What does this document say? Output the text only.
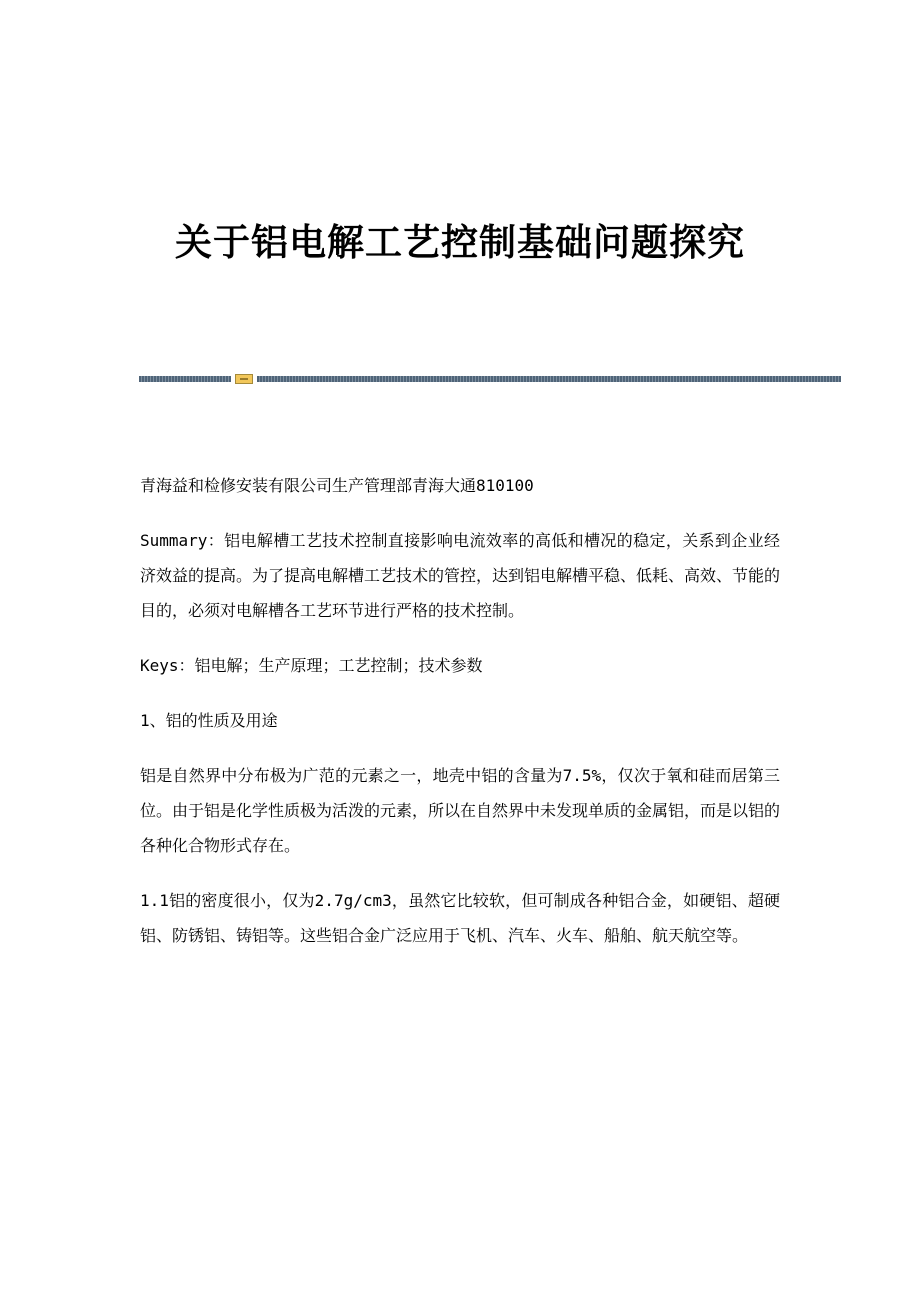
关于铝电解工艺控制基础问题探究

青海益和检修安装有限公司生产管理部青海大通810100

Summary：铝电解槽工艺技术控制直接影响电流效率的高低和槽况的稳定，关系到企业经济效益的提高。为了提高电解槽工艺技术的管控，达到铝电解槽平稳、低耗、高效、节能的目的，必须对电解槽各工艺环节进行严格的技术控制。

Keys：铝电解；生产原理；工艺控制；技术参数

1、铝的性质及用途

铝是自然界中分布极为广范的元素之一，地壳中铝的含量为7.5%，仅次于氧和硅而居第三位。由于铝是化学性质极为活泼的元素，所以在自然界中未发现单质的金属铝，而是以铝的各种化合物形式存在。

1.1铝的密度很小，仅为2.7g/cm3，虽然它比较软，但可制成各种铝合金，如硬铝、超硬铝、防锈铝、铸铝等。这些铝合金广泛应用于飞机、汽车、火车、船舶、航天航空等。
